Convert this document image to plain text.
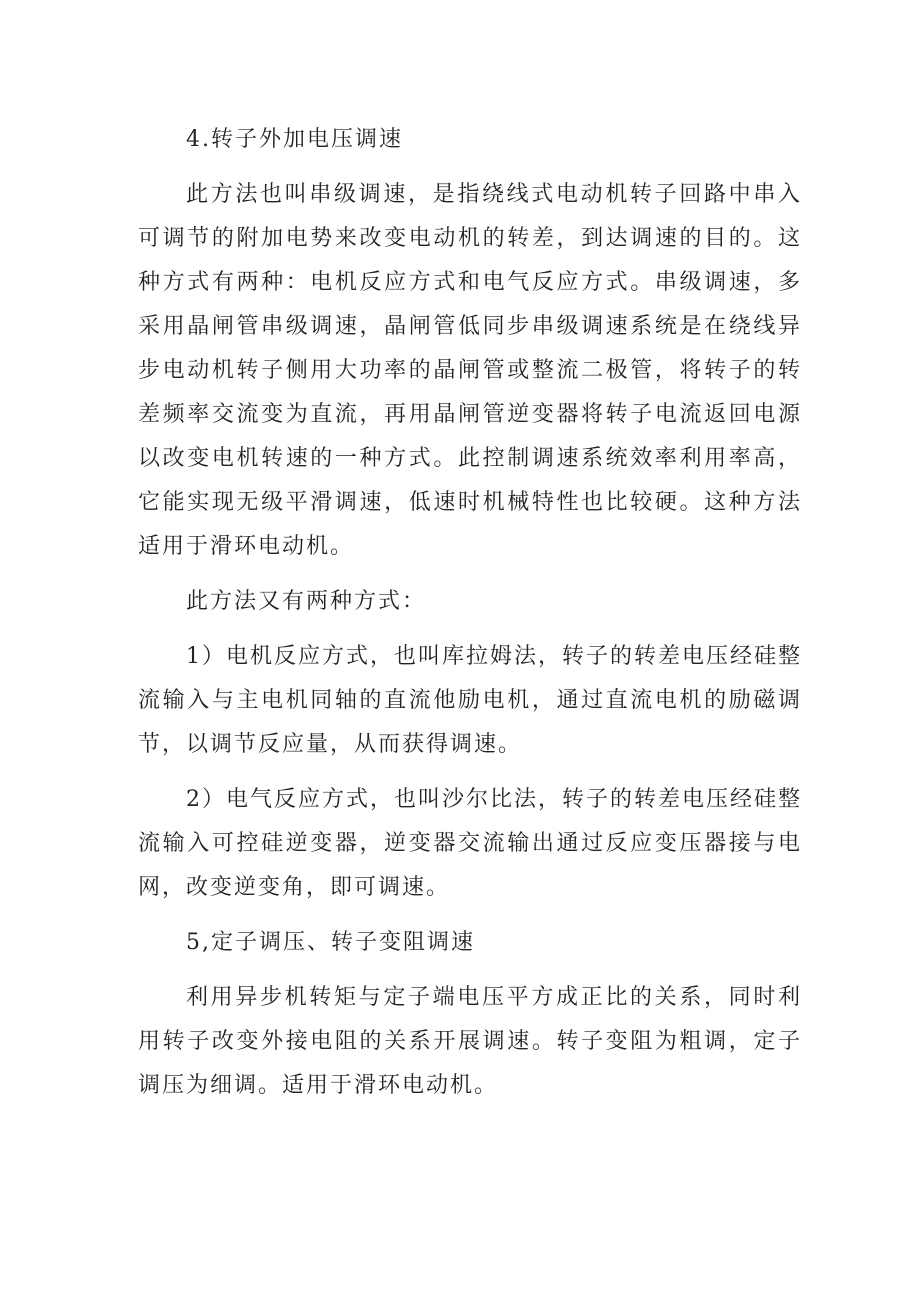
4.转子外加电压调速

此方法也叫串级调速，是指绕线式电动机转子回路中串入可调节的附加电势来改变电动机的转差，到达调速的目的。这种方式有两种：电机反应方式和电气反应方式。串级调速，多采用晶闸管串级调速，晶闸管低同步串级调速系统是在绕线异步电动机转子侧用大功率的晶闸管或整流二极管，将转子的转差频率交流变为直流，再用晶闸管逆变器将转子电流返回电源以改变电机转速的一种方式。此控制调速系统效率利用率高，它能实现无级平滑调速，低速时机械特性也比较硬。这种方法适用于滑环电动机。

此方法又有两种方式：

1）电机反应方式，也叫库拉姆法，转子的转差电压经硅整流输入与主电机同轴的直流他励电机，通过直流电机的励磁调节，以调节反应量，从而获得调速。

2）电气反应方式，也叫沙尔比法，转子的转差电压经硅整流输入可控硅逆变器，逆变器交流输出通过反应变压器接与电网，改变逆变角，即可调速。

5,定子调压、转子变阻调速

利用异步机转矩与定子端电压平方成正比的关系，同时利用转子改变外接电阻的关系开展调速。转子变阻为粗调，定子调压为细调。适用于滑环电动机。
